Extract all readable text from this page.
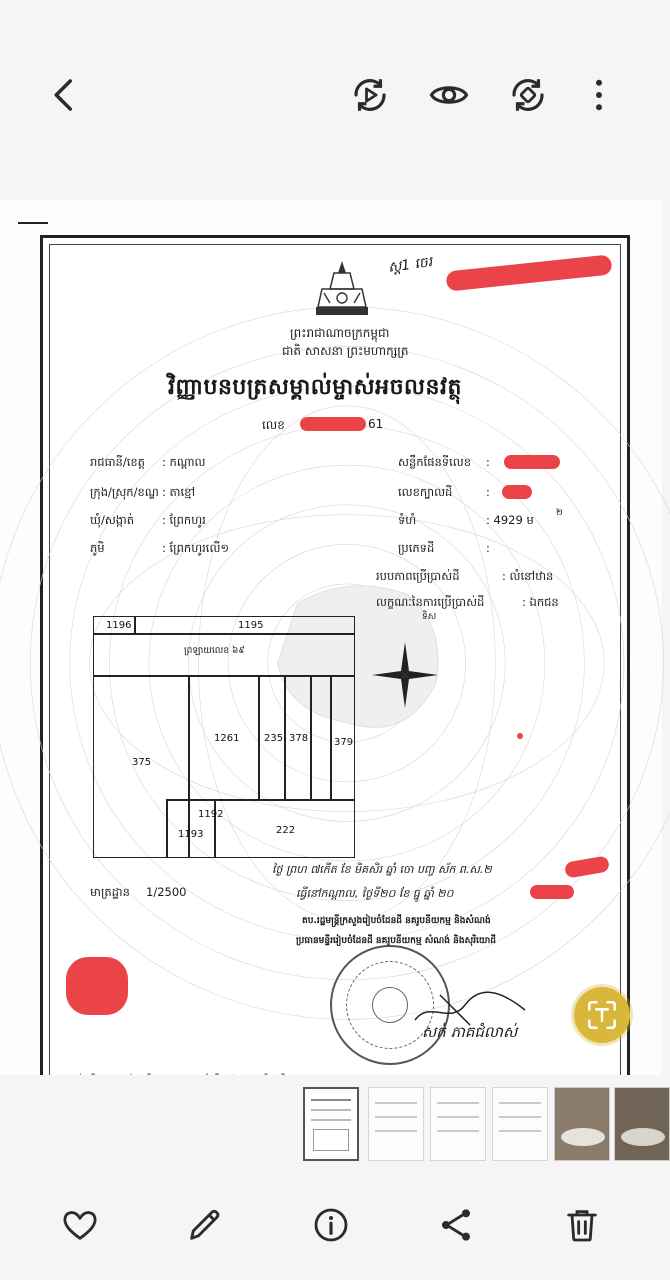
ស្ដ1 ចេរ
ព្រះរាជាណាចក្រកម្ពុជា
ជាតិ សាសនា ព្រះមហាក្សត្រ
វិញ្ញាបនបត្រសម្គាល់ម្ចាស់អចលនវត្ថុ
លេខ	61
រាជធានី/ខេត្ត : កណ្ដាល
ក្រុង/ស្រុក/ខណ្ឌ : តាខ្មៅ
ឃុំ/សង្កាត់ : ព្រែកហូរ
ភូមិ	: ព្រែកហូរលើ១
សន្លឹកផែនទីលេខ :
លេខក្បាលដី	:
ទំហំ	: 4929 ម ២
ប្រភេទដី	:
របបភាពប្រើប្រាស់ដី	: លំនៅឋាន
លក្ខណៈនៃការប្រើប្រាស់ដី	: ឯកជន
1196	1195
ព្រឡាយលេខ ៦៩
375
1261 235 378	379
1192
1193	222
ទិស
មាត្រដ្ឋាន 1/2500
ថ្ងៃ ព្រហ ៧កើត ខែ មិគសិរ ឆ្នាំ ចោ បញ្ច ស័ក ព.ស.២
ធ្វើនៅកណ្ដាល, ថ្ងៃទី២០ ខែ ធ្នូ ឆ្នាំ ២០
តប.រដ្ឋមន្ត្រីក្រសួងរៀបចំដែនដី នគរូបនីយកម្ម និងសំណង់
ប្រធានមន្ទីររៀបចំដែនដី នគរូបនីយកម្ម សំណង់ និងសុរិយោដី
សក់ ភាគជំលាស់
